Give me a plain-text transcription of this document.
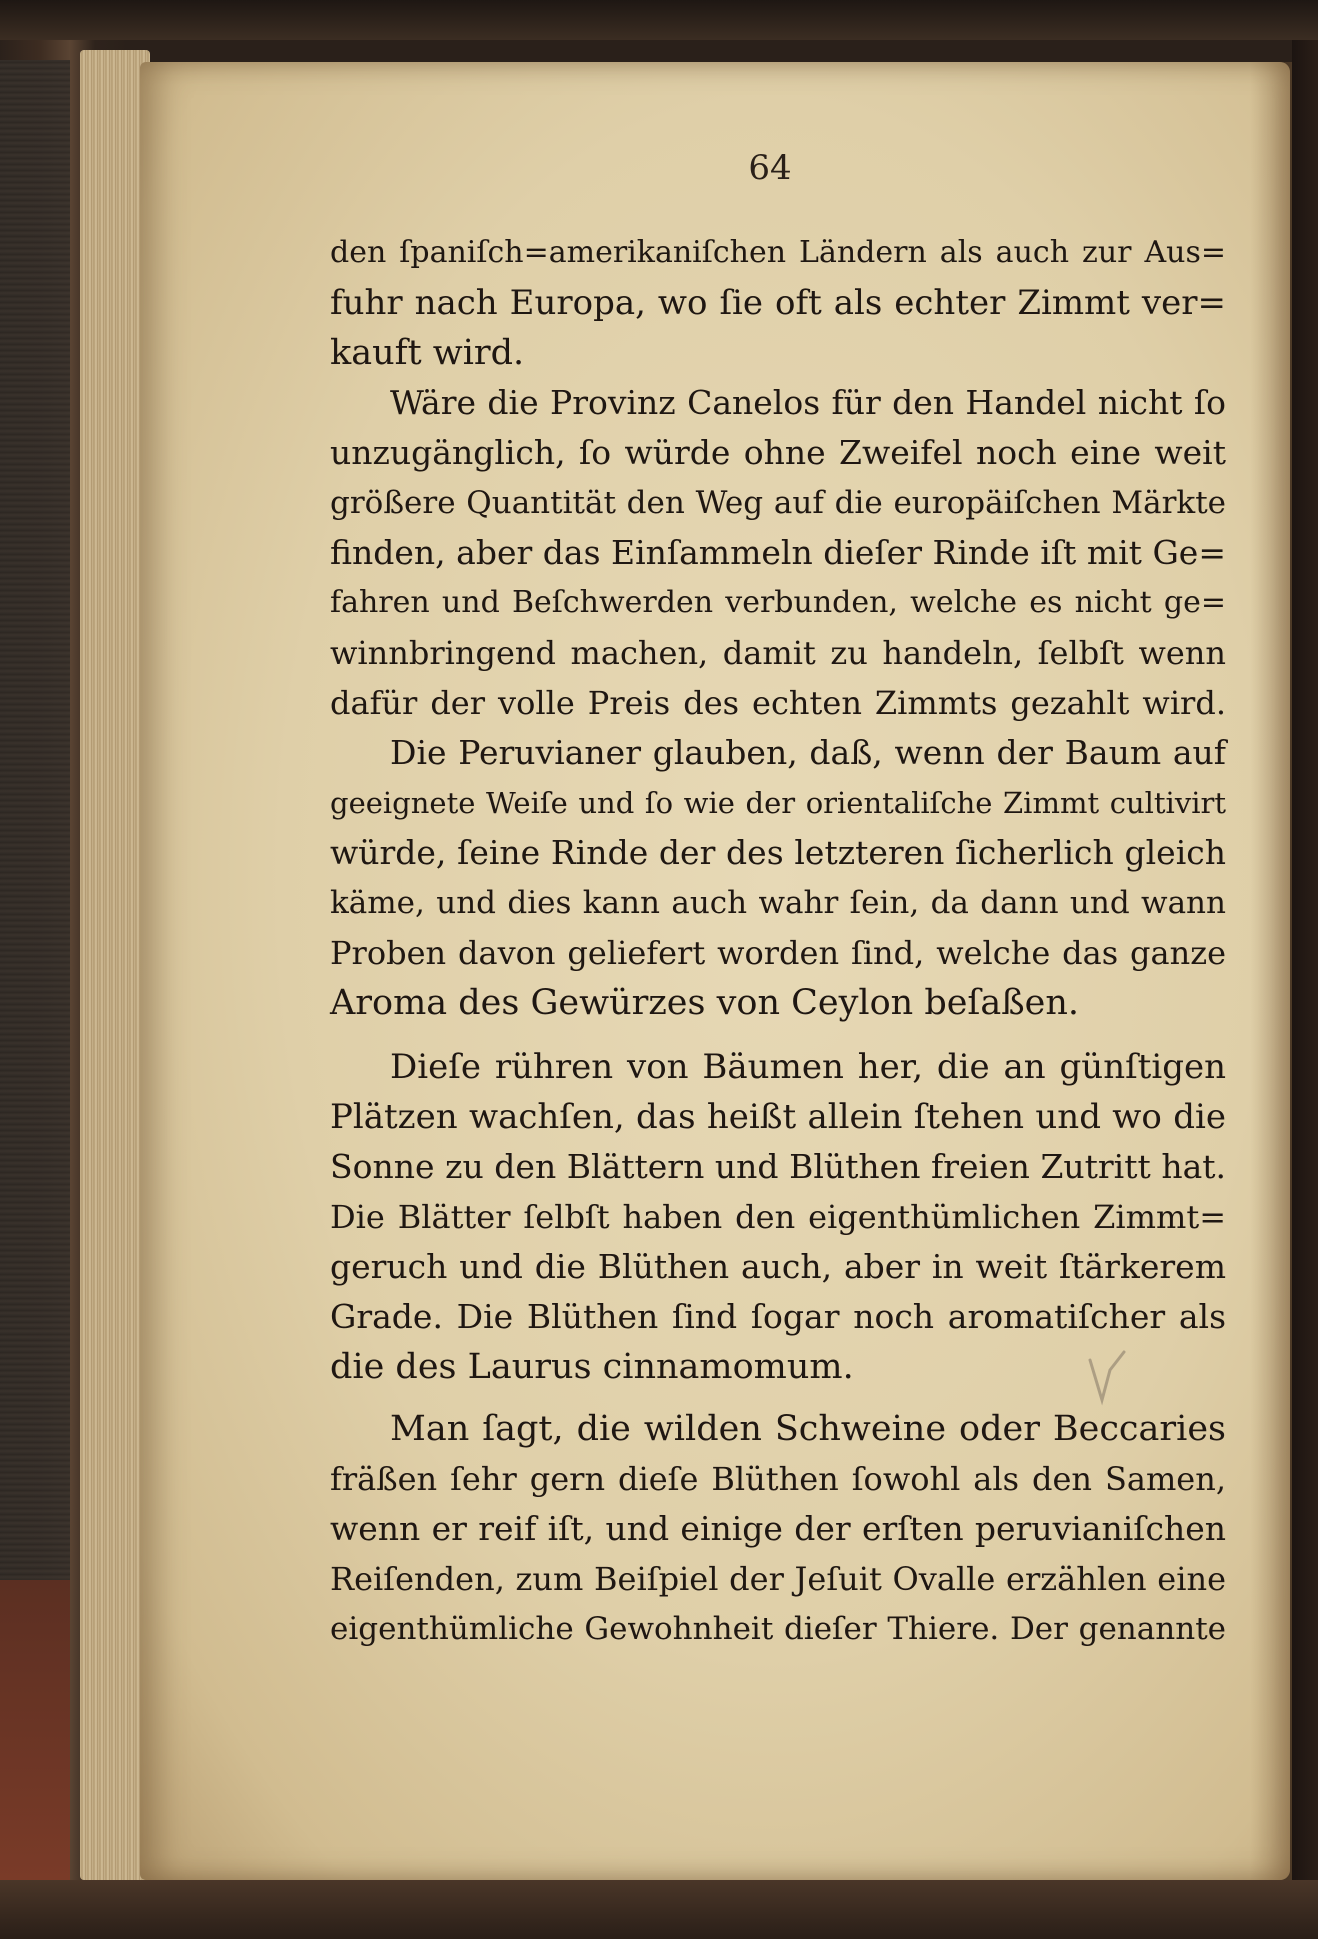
64
den ſpaniſch=amerikaniſchen Ländern als auch zur Aus=
fuhr nach Europa, wo ſie oft als echter Zimmt ver=
kauft wird.
Wäre die Provinz Canelos für den Handel nicht ſo
unzugänglich, ſo würde ohne Zweifel noch eine weit
größere Quantität den Weg auf die europäiſchen Märkte
finden, aber das Einſammeln dieſer Rinde iſt mit Ge=
fahren und Beſchwerden verbunden, welche es nicht ge=
winnbringend machen, damit zu handeln, ſelbſt wenn
dafür der volle Preis des echten Zimmts gezahlt wird.
Die Peruvianer glauben, daß, wenn der Baum auf
geeignete Weiſe und ſo wie der orientaliſche Zimmt cultivirt
würde, ſeine Rinde der des letzteren ſicherlich gleich
käme, und dies kann auch wahr ſein, da dann und wann
Proben davon geliefert worden ſind, welche das ganze
Aroma des Gewürzes von Ceylon beſaßen.
Dieſe rühren von Bäumen her, die an günſtigen
Plätzen wachſen, das heißt allein ſtehen und wo die
Sonne zu den Blättern und Blüthen freien Zutritt hat.
Die Blätter ſelbſt haben den eigenthümlichen Zimmt=
geruch und die Blüthen auch, aber in weit ſtärkerem
Grade. Die Blüthen ſind ſogar noch aromatiſcher als
die des Laurus cinnamomum.
Man ſagt, die wilden Schweine oder Beccaries
fräßen ſehr gern dieſe Blüthen ſowohl als den Samen,
wenn er reif iſt, und einige der erſten peruvianiſchen
Reiſenden, zum Beiſpiel der Jeſuit Ovalle erzählen eine
eigenthümliche Gewohnheit dieſer Thiere. Der genannte
